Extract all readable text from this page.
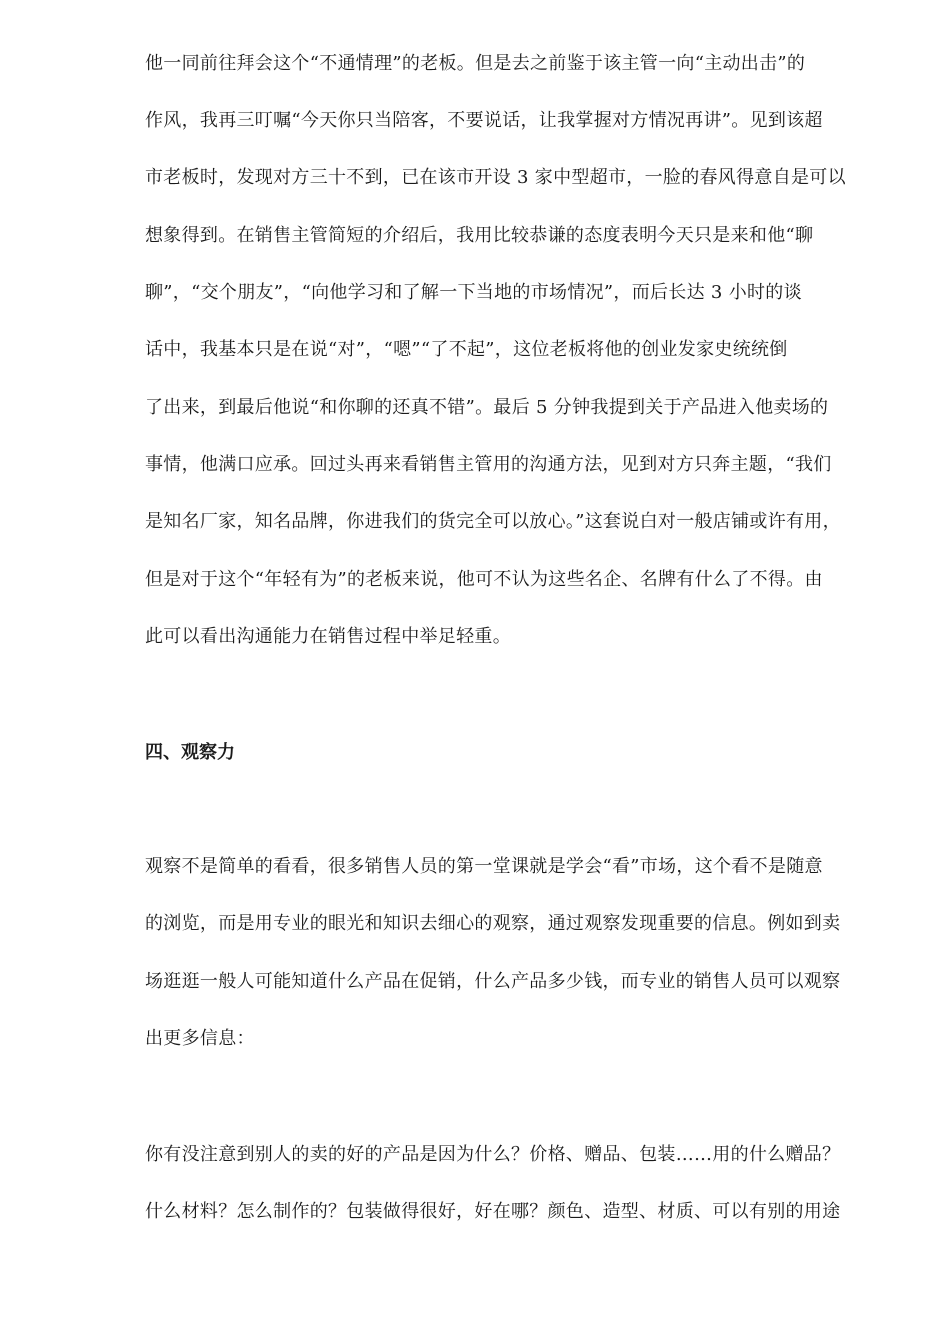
他一同前往拜会这个“不通情理”的老板。但是去之前鉴于该主管一向“主动出击”的
作风，我再三叮嘱“今天你只当陪客，不要说话，让我掌握对方情况再讲”。见到该超
市老板时，发现对方三十不到，已在该市开设 3 家中型超市，一脸的春风得意自是可以
想象得到。在销售主管简短的介绍后，我用比较恭谦的态度表明今天只是来和他“聊
聊”，“交个朋友”，“向他学习和了解一下当地的市场情况”，而后长达 3 小时的谈
话中，我基本只是在说“对”，“嗯”“了不起”，这位老板将他的创业发家史统统倒
了出来，到最后他说“和你聊的还真不错”。最后 5 分钟我提到关于产品进入他卖场的
事情，他满口应承。回过头再来看销售主管用的沟通方法，见到对方只奔主题，“我们
是知名厂家，知名品牌，你进我们的货完全可以放心。”这套说白对一般店铺或许有用，
但是对于这个“年轻有为”的老板来说，他可不认为这些名企、名牌有什么了不得。由
此可以看出沟通能力在销售过程中举足轻重。
四、观察力
观察不是简单的看看，很多销售人员的第一堂课就是学会“看”市场，这个看不是随意
的浏览，而是用专业的眼光和知识去细心的观察，通过观察发现重要的信息。例如到卖
场逛逛一般人可能知道什么产品在促销，什么产品多少钱，而专业的销售人员可以观察
出更多信息：
你有没注意到别人的卖的好的产品是因为什么？价格、赠品、包装……用的什么赠品？
什么材料？怎么制作的？包装做得很好，好在哪？颜色、造型、材质、可以有别的用途
